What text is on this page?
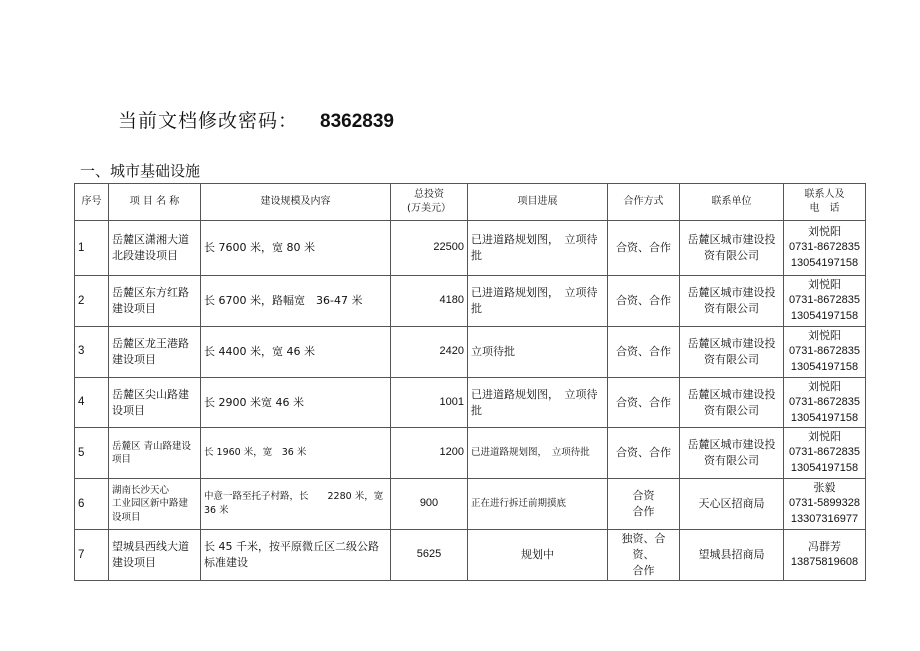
当前文档修改密码： 8362839
一、城市基础设施
序号	项 目 名 称	建设规模及内容	总投资
(万美元）	项目进展	合作方式	联系单位	联系人及
电　话
1	岳麓区潇湘大道北段建设项目	长 7600 米，宽 80 米	22500	已进道路规划图，　立项待批	合资、合作	岳麓区城市建设投资有限公司	刘悦阳
0731-8672835
13054197158

2	岳麓区东方红路建设项目	长 6700 米，路幅宽　36-47 米	4180	已进道路规划图，　立项待批	合资、合作	岳麓区城市建设投资有限公司	刘悦阳
0731-8672835
13054197158

3	岳麓区龙王港路建设项目	长 4400 米，宽 46 米	2420	立项待批	合资、合作	岳麓区城市建设投资有限公司	刘悦阳
0731-8672835
13054197158

4	岳麓区尖山路建设项目	长 2900 米宽 46 米	1001	已进道路规划图，　立项待批	合资、合作	岳麓区城市建设投资有限公司	刘悦阳
0731-8672835
13054197158

5	岳麓区 青山路建设项目	长 1960 米，宽　36 米	1200	已进道路规划图，　立项待批	合资、合作	岳麓区城市建设投资有限公司	刘悦阳
0731-8672835
13054197158

6	湖南长沙天心
工业园区新中路建设项目	中意一路至托子村路，长　　2280 米，宽 36 米	900	正在进行拆迁前期摸底	合资
合作	天心区招商局	张毅
0731-5899328
13307316977

7	望城县西线大道建设项目	长 45 千米，按平原微丘区二级公路标准建设	5625	规划中	独资、合资、
合作	望城县招商局	冯群芳
13875819608
